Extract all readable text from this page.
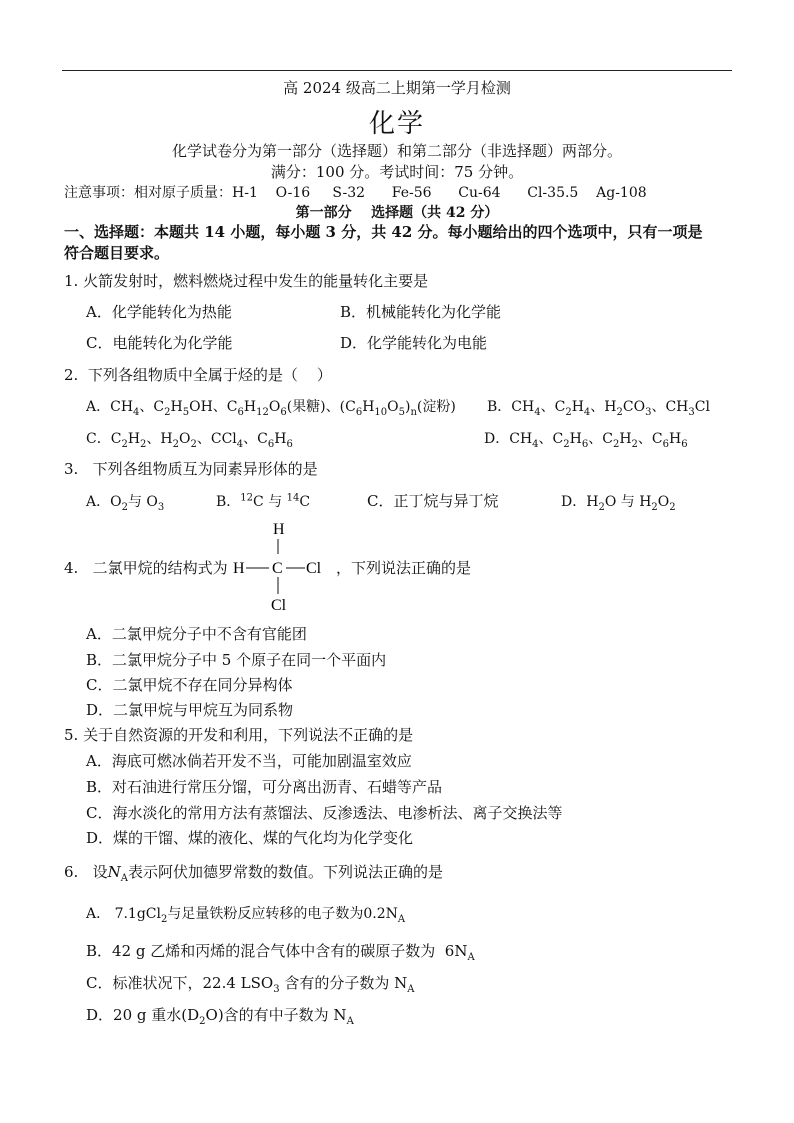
高 2024 级高二上期第一学月检测
化学
化学试卷分为第一部分（选择题）和第二部分（非选择题）两部分。
满分：100 分。考试时间：75 分钟。
注意事项：相对原子质量：H-1    O-16     S-32      Fe-56      Cu-64      Cl-35.5    Ag-108
第一部分    选择题（共 42 分）
一、选择题：本题共 14 小题，每小题 3 分，共 42 分。每小题给出的四个选项中，只有一项是
符合题目要求。
1. 火箭发射时，燃料燃烧过程中发生的能量转化主要是
A．化学能转化为热能	B．机械能转化为化学能
C．电能转化为化学能	D．化学能转化为电能
2.  下列各组物质中全属于烃的是（    ）
A．$CH_4$、$C_2H_5OH$、$C_6H_{12}O_6$(果糖)、$(C_6H_{10}O_5)_n$(淀粉) B．$CH_4$、$C_2H_4$、$H_2CO_3$、$CH_3Cl$
C．$C_2H_2$、$H_2O_2$、CCl$_4$、$C_6H_6$	D．$CH_4$、$C_2H_6$、$C_2H_2$、$C_6H_6$
3.   下列各组物质互为同素异形体的是
A．$O_2$与 $O_3$	B．$^{12}$C 与 $^{14}$C	C．正丁烷与异丁烷	D．$H_2O$ 与 $H_2O_2$
4.   二氯甲烷的结构式为
H
H C Cl
Cl
，下列说法正确的是
A．二氯甲烷分子中不含有官能团
B．二氯甲烷分子中 5 个原子在同一个平面内
C．二氯甲烷不存在同分异构体
D．二氯甲烷与甲烷互为同系物
5. 关于自然资源的开发和利用，下列说法不正确的是
A．海底可燃冰倘若开发不当，可能加剧温室效应
B．对石油进行常压分馏，可分离出沥青、石蜡等产品
C．海水淡化的常用方法有蒸馏法、反渗透法、电渗析法、离子交换法等
D．煤的干馏、煤的液化、煤的气化均为化学变化
6.   设$N_A$表示阿伏加德罗常数的数值。下列说法正确的是
A． 7.1gCl$_2$与足量铁粉反应转移的电子数为$0.2N_A$
B．42 g 乙烯和丙烯的混合气体中含有的碳原子数为  $6N_A$
C．标准状况下，22.4 $LSO_3$ 含有的分子数为 $N_A$
D．20 g 重水$(D_2O)$含的有中子数为 $N_A$
